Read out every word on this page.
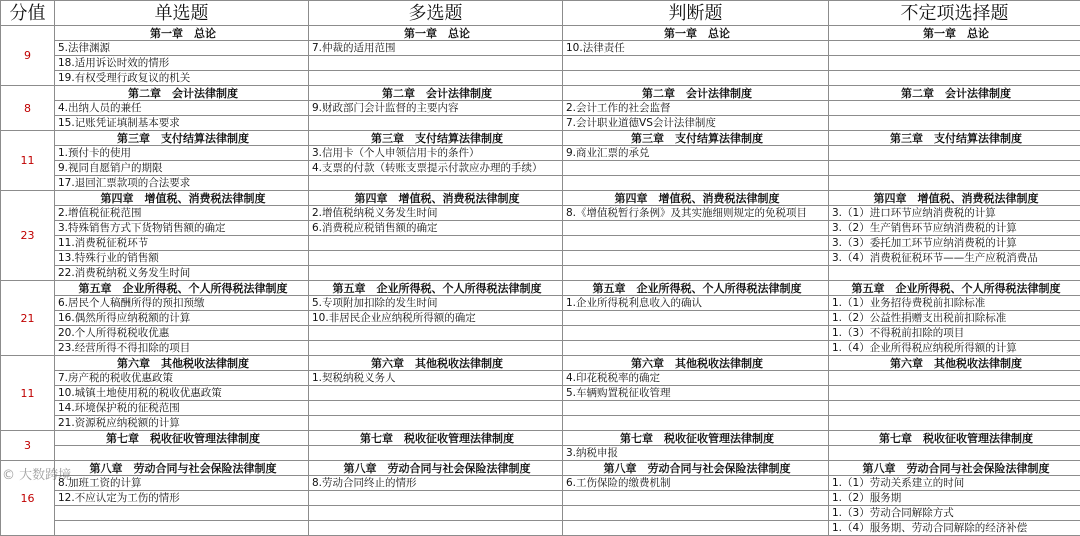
分值	单选题	多选题	判断题	不定项选择题
9	第一章　总论	第一章　总论	第一章　总论	第一章　总论
	5.法律渊源	7.仲裁的适用范围	10.法律责任	
	18.适用诉讼时效的情形			
	19.有权受理行政复议的机关			
8	第二章　会计法律制度	第二章　会计法律制度	第二章　会计法律制度	第二章　会计法律制度
	4.出纳人员的兼任	9.财政部门会计监督的主要内容	2.会计工作的社会监督	
	15.记账凭证填制基本要求		7.会计职业道德VS会计法律制度	
11	第三章　支付结算法律制度	第三章　支付结算法律制度	第三章　支付结算法律制度	第三章　支付结算法律制度
	1.预付卡的使用	3.信用卡（个人申领信用卡的条件）	9.商业汇票的承兑	
	9.视同自愿销户的期限	4.支票的付款（转账支票提示付款应办理的手续）		
	17.退回汇票款项的合法要求			
23	第四章　增值税、消费税法律制度	第四章　增值税、消费税法律制度	第四章　增值税、消费税法律制度	第四章　增值税、消费税法律制度
	2.增值税征税范围	2.增值税纳税义务发生时间	8.《增值税暂行条例》及其实施细则规定的免税项目	3.（1）进口环节应纳消费税的计算
	3.特殊销售方式下货物销售额的确定	6.消费税应税销售额的确定		3.（2）生产销售环节应纳消费税的计算
	11.消费税征税环节			3.（3）委托加工环节应纳消费税的计算
	13.特殊行业的销售额			3.（4）消费税征税环节——生产应税消费品
	22.消费税纳税义务发生时间			
21	第五章　企业所得税、个人所得税法律制度	第五章　企业所得税、个人所得税法律制度	第五章　企业所得税、个人所得税法律制度	第五章　企业所得税、个人所得税法律制度
	6.居民个人稿酬所得的预扣预缴	5.专项附加扣除的发生时间	1.企业所得税利息收入的确认	1.（1）业务招待费税前扣除标准
	16.偶然所得应纳税额的计算	10.非居民企业应纳税所得额的确定		1.（2）公益性捐赠支出税前扣除标准
	20.个人所得税税收优惠			1.（3）不得税前扣除的项目
	23.经营所得不得扣除的项目			1.（4）企业所得税应纳税所得额的计算
11	第六章　其他税收法律制度	第六章　其他税收法律制度	第六章　其他税收法律制度	第六章　其他税收法律制度
	7.房产税的税收优惠政策	1.契税纳税义务人	4.印花税税率的确定	
	10.城镇土地使用税的税收优惠政策		5.车辆购置税征收管理	
	14.环境保护税的征税范围			
	21.资源税应纳税额的计算			
3	第七章　税收征收管理法律制度	第七章　税收征收管理法律制度	第七章　税收征收管理法律制度	第七章　税收征收管理法律制度
			3.纳税申报	
16	第八章　劳动合同与社会保险法律制度	第八章　劳动合同与社会保险法律制度	第八章　劳动合同与社会保险法律制度	第八章　劳动合同与社会保险法律制度
	8.加班工资的计算	8.劳动合同终止的情形	6.工伤保险的缴费机制	1.（1）劳动关系建立的时间
	12.不应认定为工伤的情形			1.（2）服务期
				1.（3）劳动合同解除方式
				1.（4）服务期、劳动合同解除的经济补偿
© 大数跨境
